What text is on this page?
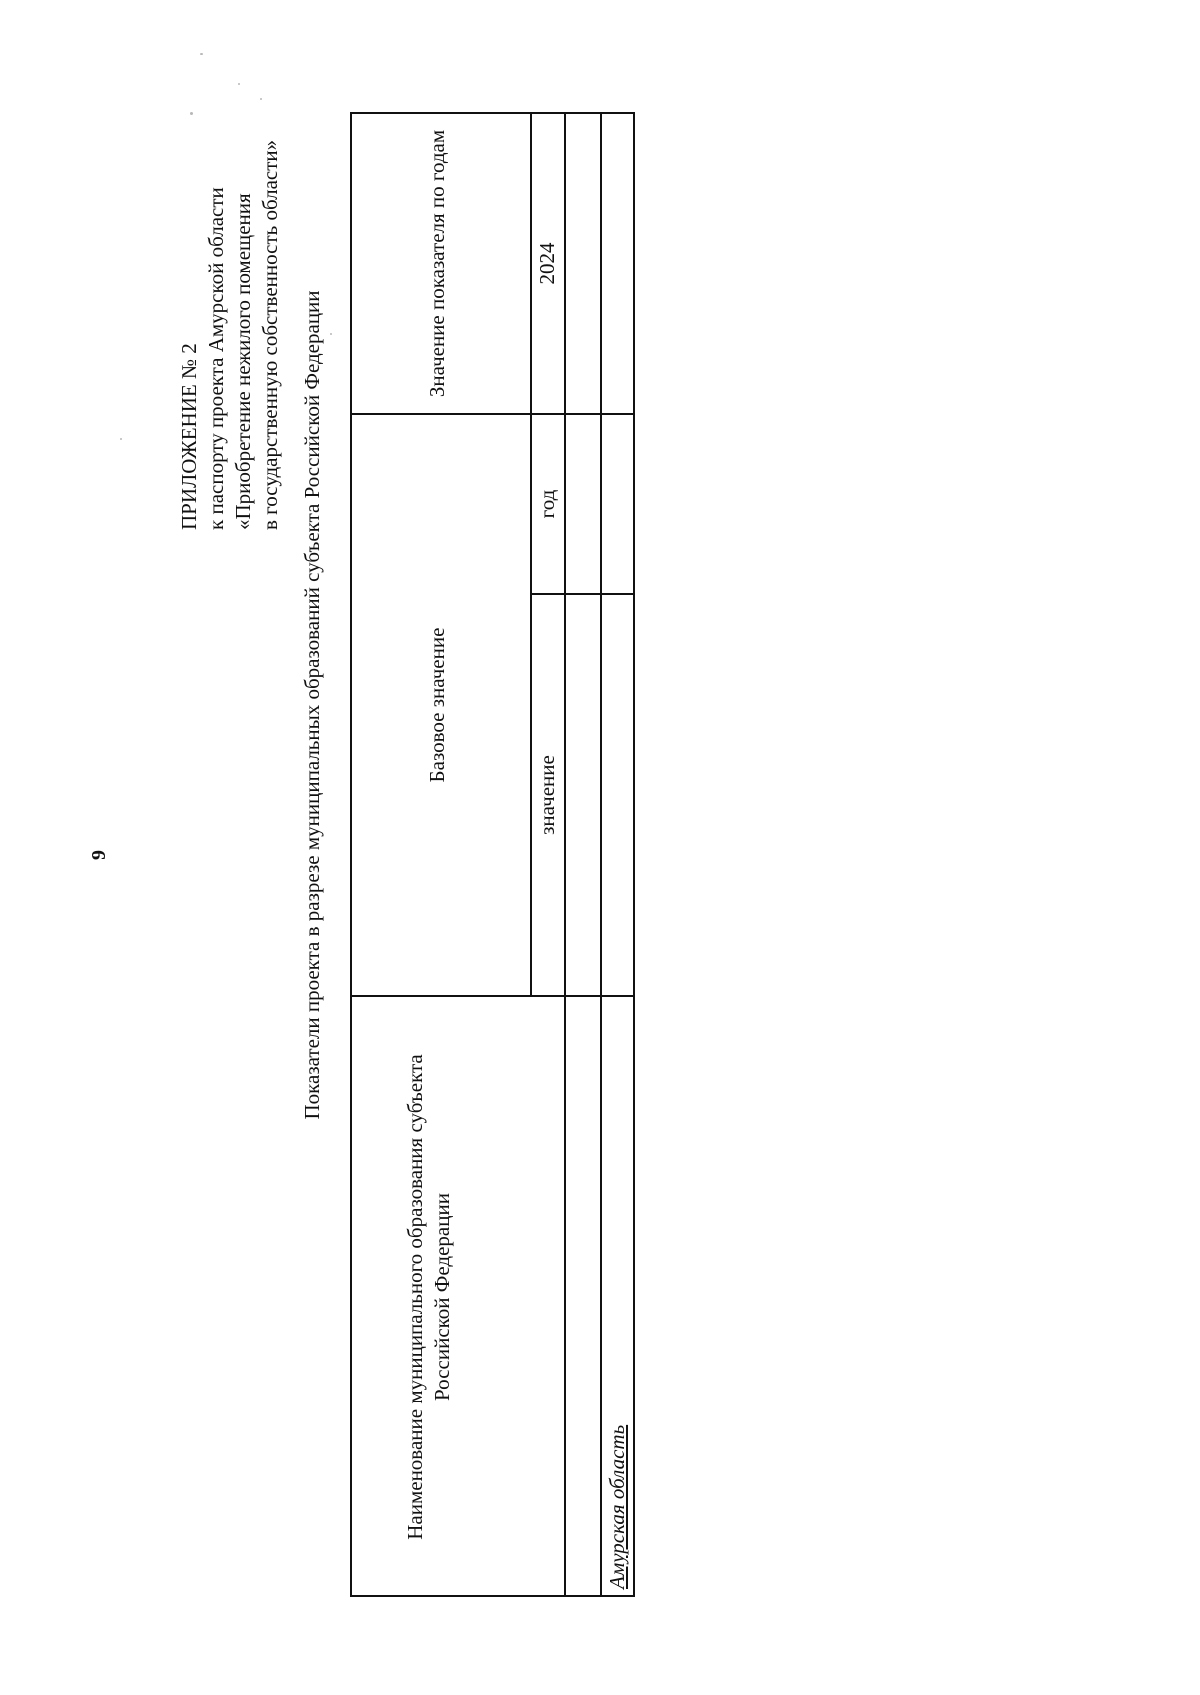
9
ПРИЛОЖЕНИЕ № 2 к паспорту проекта Амурской области «Приобретение нежилого помещения в государственную собственность области» Показатели проекта в разрезе муниципальных образований субъекта Российской Федерации
Наименование муниципального образования субъекта Российской Федерации
Базовое значение
Значение показателя по годам
значение
год
2024
Амурская область
